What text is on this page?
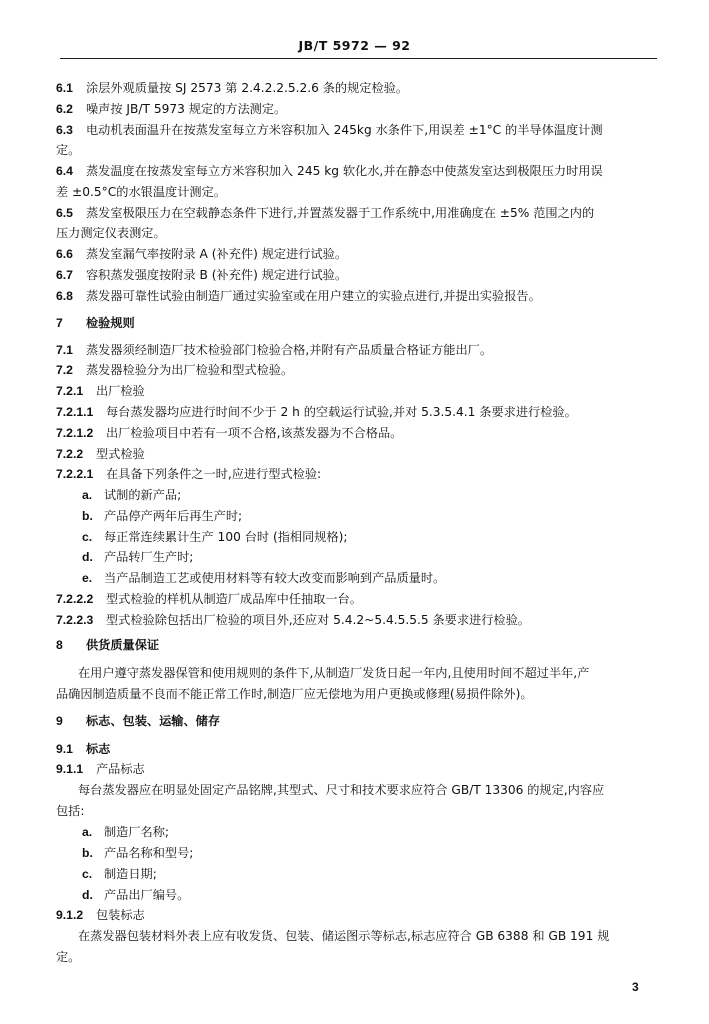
JB/T 5972 — 92
6.1 涂层外观质量按 SJ 2573 第 2.4.2.2.5.2.6 条的规定检验。
6.2 噪声按 JB/T 5973 规定的方法测定。
6.3 电动机表面温升在按蒸发室每立方米容积加入 245kg 水条件下,用误差 ±1°C 的半导体温度计测
定。
6.4 蒸发温度在按蒸发室每立方米容积加入 245 kg 软化水,并在静态中使蒸发室达到极限压力时用误
差 ±0.5°C的水银温度计测定。
6.5 蒸发室极限压力在空载静态条件下进行,并置蒸发器于工作系统中,用准确度在 ±5% 范围之内的
压力测定仪表测定。
6.6 蒸发室漏气率按附录 A (补充件) 规定进行试验。
6.7 容积蒸发强度按附录 B (补充件) 规定进行试验。
6.8 蒸发器可靠性试验由制造厂通过实验室或在用户建立的实验点进行,并提出实验报告。
7 检验规则
7.1 蒸发器须经制造厂技术检验部门检验合格,并附有产品质量合格证方能出厂。
7.2 蒸发器检验分为出厂检验和型式检验。
7.2.1 出厂检验
7.2.1.1 每台蒸发器均应进行时间不少于 2 h 的空载运行试验,并对 5.3.5.4.1 条要求进行检验。
7.2.1.2 出厂检验项目中若有一项不合格,该蒸发器为不合格品。
7.2.2 型式检验
7.2.2.1 在具备下列条件之一时,应进行型式检验:
a. 试制的新产品;
b. 产品停产两年后再生产时;
c. 每正常连续累计生产 100 台时 (指相同规格);
d. 产品转厂生产时;
e. 当产品制造工艺或使用材料等有较大改变而影响到产品质量时。
7.2.2.2 型式检验的样机从制造厂成品库中任抽取一台。
7.2.2.3 型式检验除包括出厂检验的项目外,还应对 5.4.2~5.4.5.5.5 条要求进行检验。
8 供货质量保证
在用户遵守蒸发器保管和使用规则的条件下,从制造厂发货日起一年内,且使用时间不超过半年,产
品确因制造质量不良而不能正常工作时,制造厂应无偿地为用户更换或修理(易损件除外)。
9 标志、包装、运输、储存
9.1 标志
9.1.1 产品标志
每台蒸发器应在明显处固定产品铭牌,其型式、尺寸和技术要求应符合 GB/T 13306 的规定,内容应
包括:
a. 制造厂名称;
b. 产品名称和型号;
c. 制造日期;
d. 产品出厂编号。
9.1.2 包装标志
在蒸发器包装材料外表上应有收发货、包装、储运图示等标志,标志应符合 GB 6388 和 GB 191 规
定。
3
